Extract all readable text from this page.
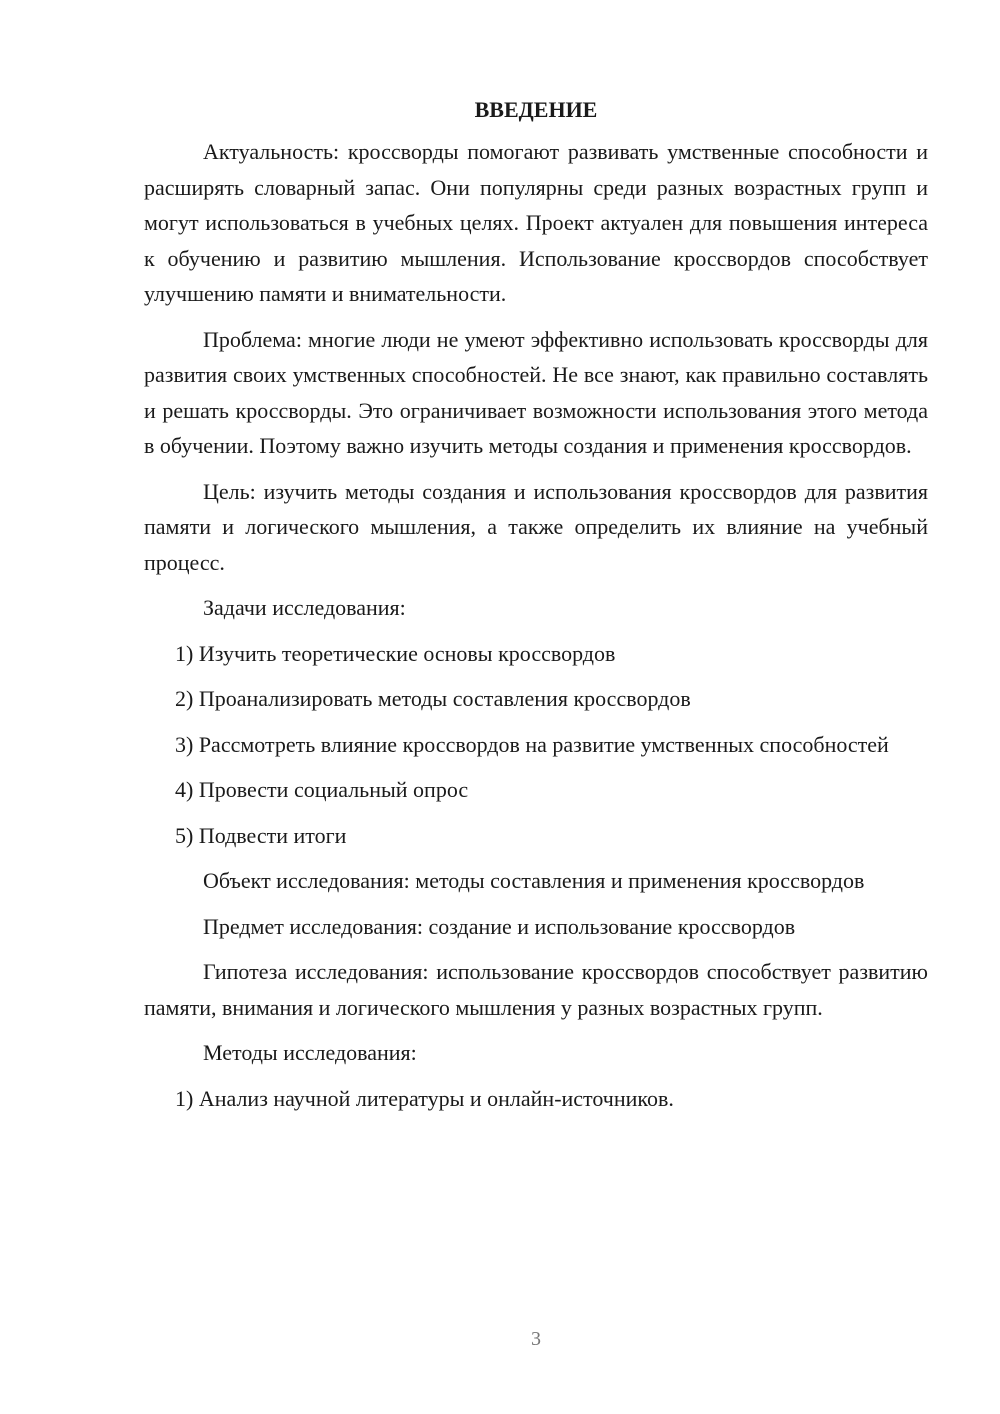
ВВЕДЕНИЕ

Актуальность: кроссворды помогают развивать умственные способности и расширять словарный запас. Они популярны среди разных возрастных групп и могут использоваться в учебных целях. Проект актуален для повышения интереса к обучению и развитию мышления. Использование кроссвордов способствует улучшению памяти и внимательности.

Проблема: многие люди не умеют эффективно использовать кроссворды для развития своих умственных способностей. Не все знают, как правильно составлять и решать кроссворды. Это ограничивает возможности использования этого метода в обучении. Поэтому важно изучить методы создания и применения кроссвордов.

Цель: изучить методы создания и использования кроссвордов для развития памяти и логического мышления, а также определить их влияние на учебный процесс.

Задачи исследования:

1) Изучить теоретические основы кроссвордов

2) Проанализировать методы составления кроссвордов

3) Рассмотреть влияние кроссвордов на развитие умственных способностей

4) Провести социальный опрос

5) Подвести итоги

Объект исследования: методы составления и применения кроссвордов

Предмет исследования: создание и использование кроссвордов

Гипотеза исследования: использование кроссвордов способствует развитию памяти, внимания и логического мышления у разных возрастных групп.

Методы исследования:

1) Анализ научной литературы и онлайн-источников.

3
